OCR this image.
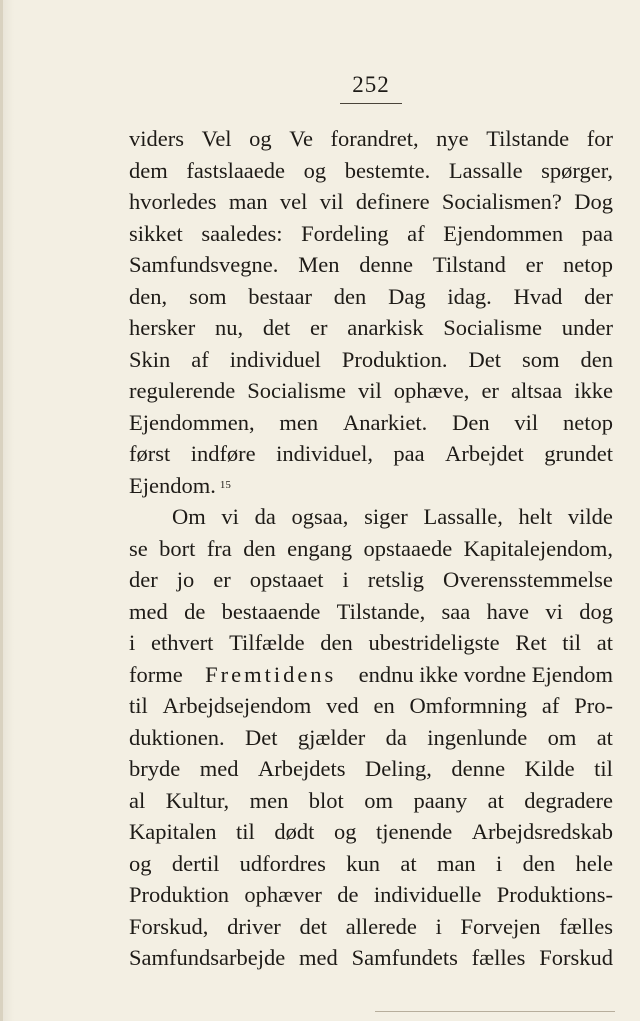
252
viders Vel og Ve forandret, nye Tilstande for
dem fastslaaede og bestemte. Lassalle spørger,
hvorledes man vel vil definere Socialismen? Dog
sikket saaledes: Fordeling af Ejendommen paa
Samfundsvegne. Men denne Tilstand er netop
den, som bestaar den Dag idag. Hvad der
hersker nu, det er anarkisk Socialisme under
Skin af individuel Produktion. Det som den
regulerende Socialisme vil ophæve, er altsaa ikke
Ejendommen, men Anarkiet. Den vil netop
først indføre individuel, paa Arbejdet grundet
Ejendom. 15
Om vi da ogsaa, siger Lassalle, helt vilde
se bort fra den engang opstaaede Kapitalejendom,
der jo er opstaaet i retslig Overensstemmelse
med de bestaaende Tilstande, saa have vi dog
i ethvert Tilfælde den ubestrideligste Ret til at
forme Fremtidens endnu ikke vordne Ejendom
til Arbejdsejendom ved en Omformning af Pro-
duktionen. Det gjælder da ingenlunde om at
bryde med Arbejdets Deling, denne Kilde til
al Kultur, men blot om paany at degradere
Kapitalen til dødt og tjenende Arbejdsredskab
og dertil udfordres kun at man i den hele
Produktion ophæver de individuelle Produktions-
Forskud, driver det allerede i Forvejen fælles
Samfundsarbejde med Samfundets fælles Forskud
